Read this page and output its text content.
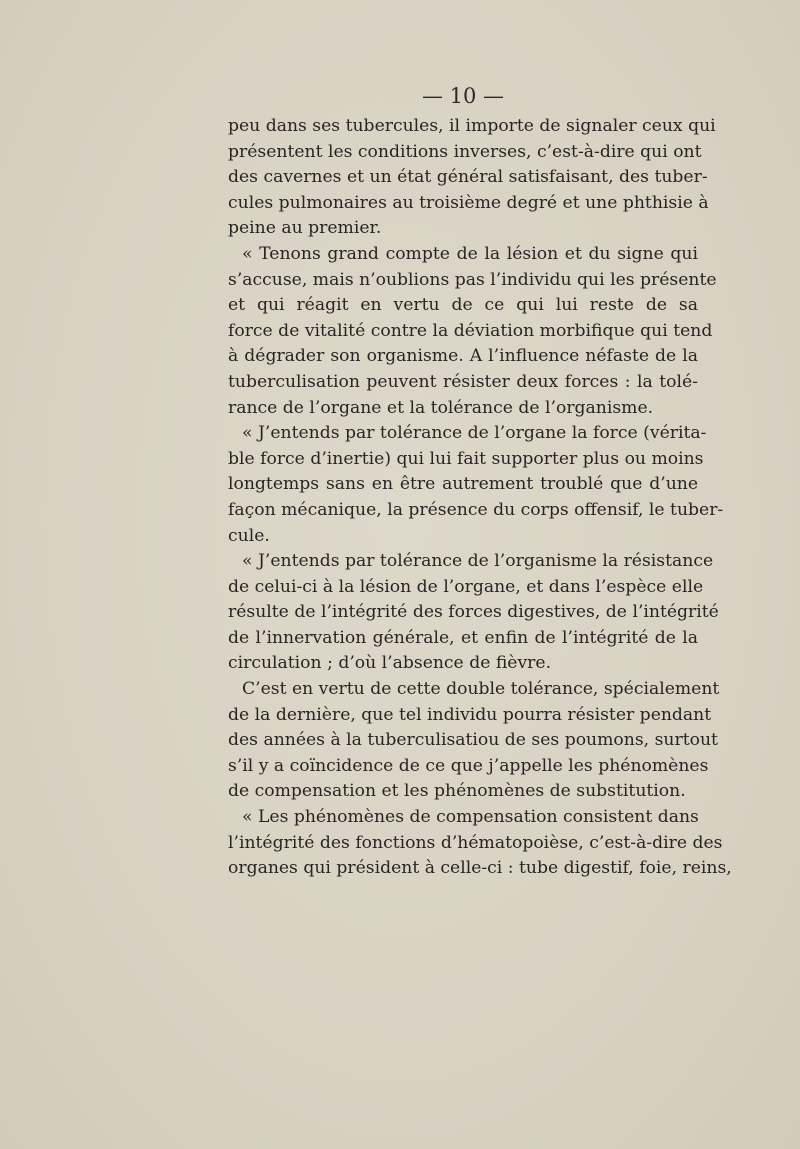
— 10 —
peu dans ses tubercules, il importe de signaler ceux qui
présentent les conditions inverses, c’est-à-dire qui ont
des cavernes et un état général satisfaisant, des tuber-
cules pulmonaires au troisième degré et une phthisie à
peine au premier.
« Tenons grand compte de la lésion et du signe qui
s’accuse, mais n’oublions pas l’individu qui les présente
et qui réagit en vertu de ce qui lui reste de sa
force de vitalité contre la déviation morbifique qui tend
à dégrader son organisme. A l’influence néfaste de la
tuberculisation peuvent résister deux forces : la tolé-
rance de l’organe et la tolérance de l’organisme.
« J’entends par tolérance de l’organe la force (vérita-
ble force d’inertie) qui lui fait supporter plus ou moins
longtemps sans en être autrement troublé que d’une
façon mécanique, la présence du corps offensif, le tuber-
cule.
« J’entends par tolérance de l’organisme la résistance
de celui-ci à la lésion de l’organe, et dans l’espèce elle
résulte de l’intégrité des forces digestives, de l’intégrité
de l’innervation générale, et enfin de l’intégrité de la
circulation ; d’où l’absence de fièvre.
C’est en vertu de cette double tolérance, spécialement
de la dernière, que tel individu pourra résister pendant
des années à la tuberculisatiou de ses poumons, surtout
s’il y a coïncidence de ce que j’appelle les phénomènes
de compensation et les phénomènes de substitution.
« Les phénomènes de compensation consistent dans
l’intégrité des fonctions d’hématopoièse, c’est-à-dire des
organes qui président à celle-ci : tube digestif, foie, reins,
